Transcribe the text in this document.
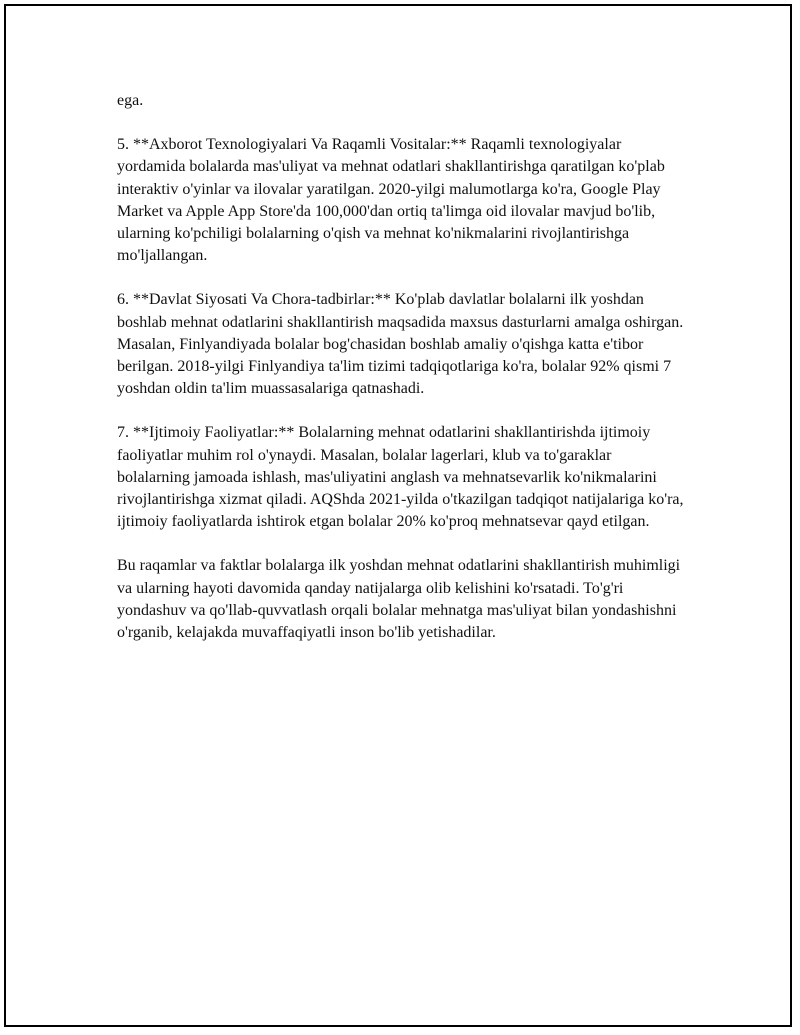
ega.

5. **Axborot Texnologiyalari Va Raqamli Vositalar:** Raqamli texnologiyalar yordamida bolalarda mas'uliyat va mehnat odatlari shakllantirishga qaratilgan ko'plab interaktiv o'yinlar va ilovalar yaratilgan. 2020-yilgi malumotlarga ko'ra, Google Play Market va Apple App Store'da 100,000'dan ortiq ta'limga oid ilovalar mavjud bo'lib, ularning ko'pchiligi bolalarning o'qish va mehnat ko'nikmalarini rivojlantirishga mo'ljallangan.

6. **Davlat Siyosati Va Chora-tadbirlar:** Ko'plab davlatlar bolalarni ilk yoshdan boshlab mehnat odatlarini shakllantirish maqsadida maxsus dasturlarni amalga oshirgan. Masalan, Finlyandiyada bolalar bog'chasidan boshlab amaliy o'qishga katta e'tibor berilgan. 2018-yilgi Finlyandiya ta'lim tizimi tadqiqotlariga ko'ra, bolalar 92% qismi 7 yoshdan oldin ta'lim muassasalariga qatnashadi.

7. **Ijtimoiy Faoliyatlar:** Bolalarning mehnat odatlarini shakllantirishda ijtimoiy faoliyatlar muhim rol o'ynaydi. Masalan, bolalar lagerlari, klub va to'garaklar bolalarning jamoada ishlash, mas'uliyatini anglash va mehnatsevarlik ko'nikmalarini rivojlantirishga xizmat qiladi. AQShda 2021-yilda o'tkazilgan tadqiqot natijalariga ko'ra, ijtimoiy faoliyatlarda ishtirok etgan bolalar 20% ko'proq mehnatsevar qayd etilgan.

Bu raqamlar va faktlar bolalarga ilk yoshdan mehnat odatlarini shakllantirish muhimligi va ularning hayoti davomida qanday natijalarga olib kelishini ko'rsatadi. To'g'ri yondashuv va qo'llab-quvvatlash orqali bolalar mehnatga mas'uliyat bilan yondashishni o'rganib, kelajakda muvaffaqiyatli inson bo'lib yetishadilar.
